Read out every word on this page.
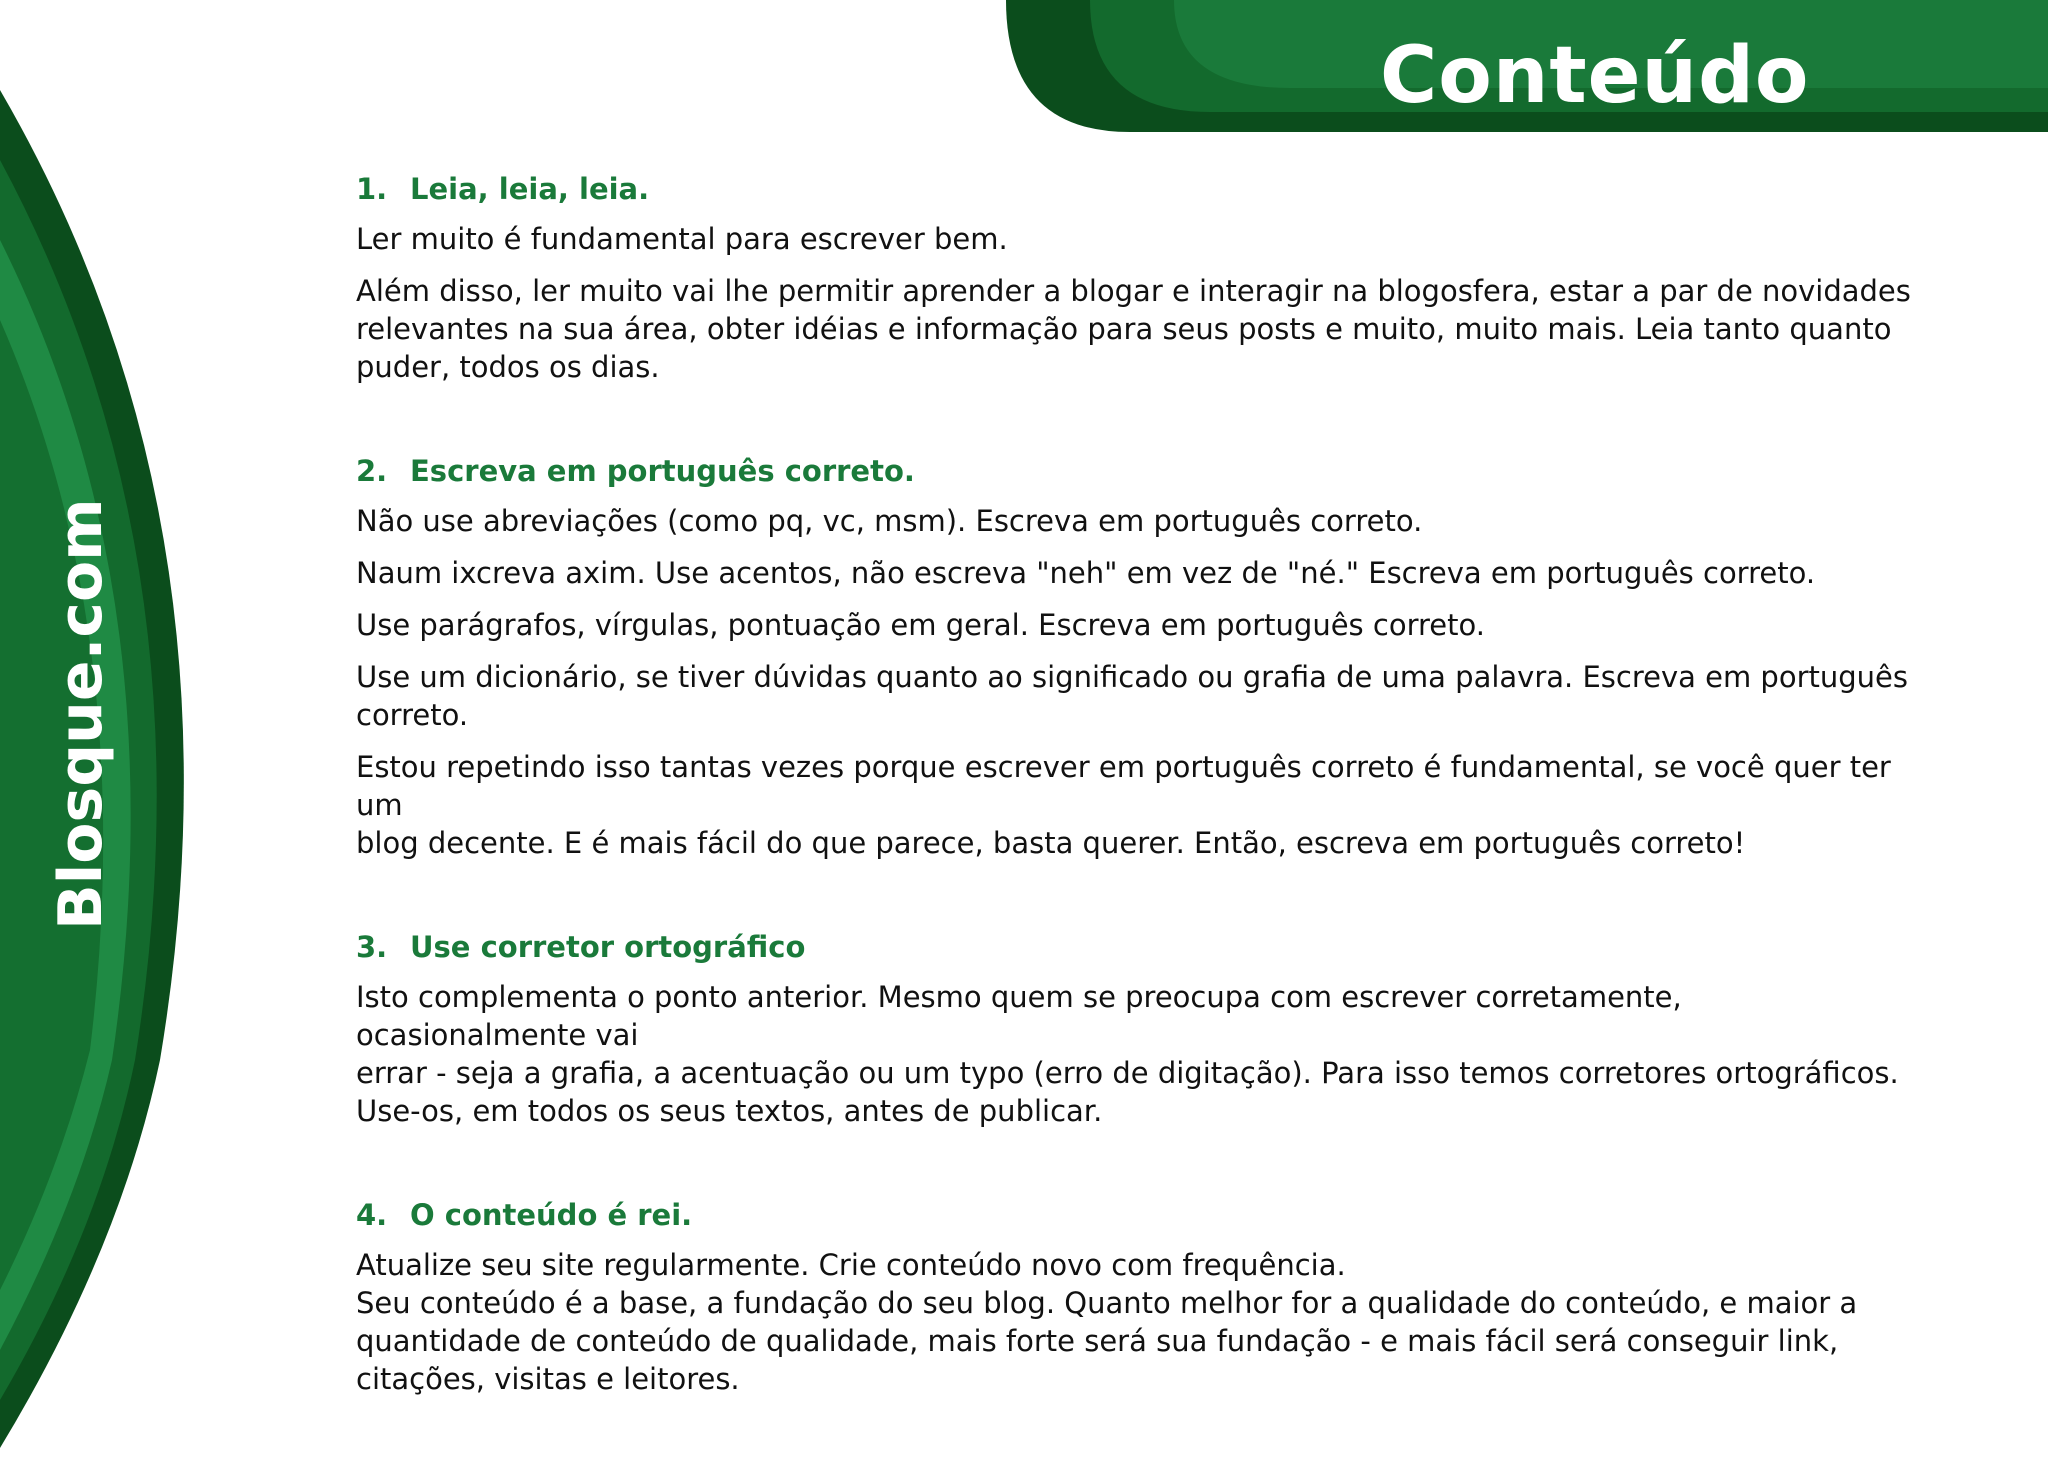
Conteúdo
Blosque.com
1. Leia, leia, leia.

Ler muito é fundamental para escrever bem.

Além disso, ler muito vai lhe permitir aprender a blogar e interagir na blogosfera, estar a par de novidades
relevantes na sua área, obter idéias e informação para seus posts e muito, muito mais. Leia tanto quanto
puder, todos os dias.

2. Escreva em português correto.

Não use abreviações (como pq, vc, msm). Escreva em português correto.

Naum ixcreva axim. Use acentos, não escreva "neh" em vez de "né." Escreva em português correto.

Use parágrafos, vírgulas, pontuação em geral. Escreva em português correto.

Use um dicionário, se tiver dúvidas quanto ao significado ou grafia de uma palavra. Escreva em português
correto.

Estou repetindo isso tantas vezes porque escrever em português correto é fundamental, se você quer ter um
blog decente. E é mais fácil do que parece, basta querer. Então, escreva em português correto!

3. Use corretor ortográfico

Isto complementa o ponto anterior. Mesmo quem se preocupa com escrever corretamente, ocasionalmente vai
errar - seja a grafia, a acentuação ou um typo (erro de digitação). Para isso temos corretores ortográficos.
Use-os, em todos os seus textos, antes de publicar.

4. O conteúdo é rei.

Atualize seu site regularmente. Crie conteúdo novo com frequência.
Seu conteúdo é a base, a fundação do seu blog. Quanto melhor for a qualidade do conteúdo, e maior a
quantidade de conteúdo de qualidade, mais forte será sua fundação - e mais fácil será conseguir link,
citações, visitas e leitores.
